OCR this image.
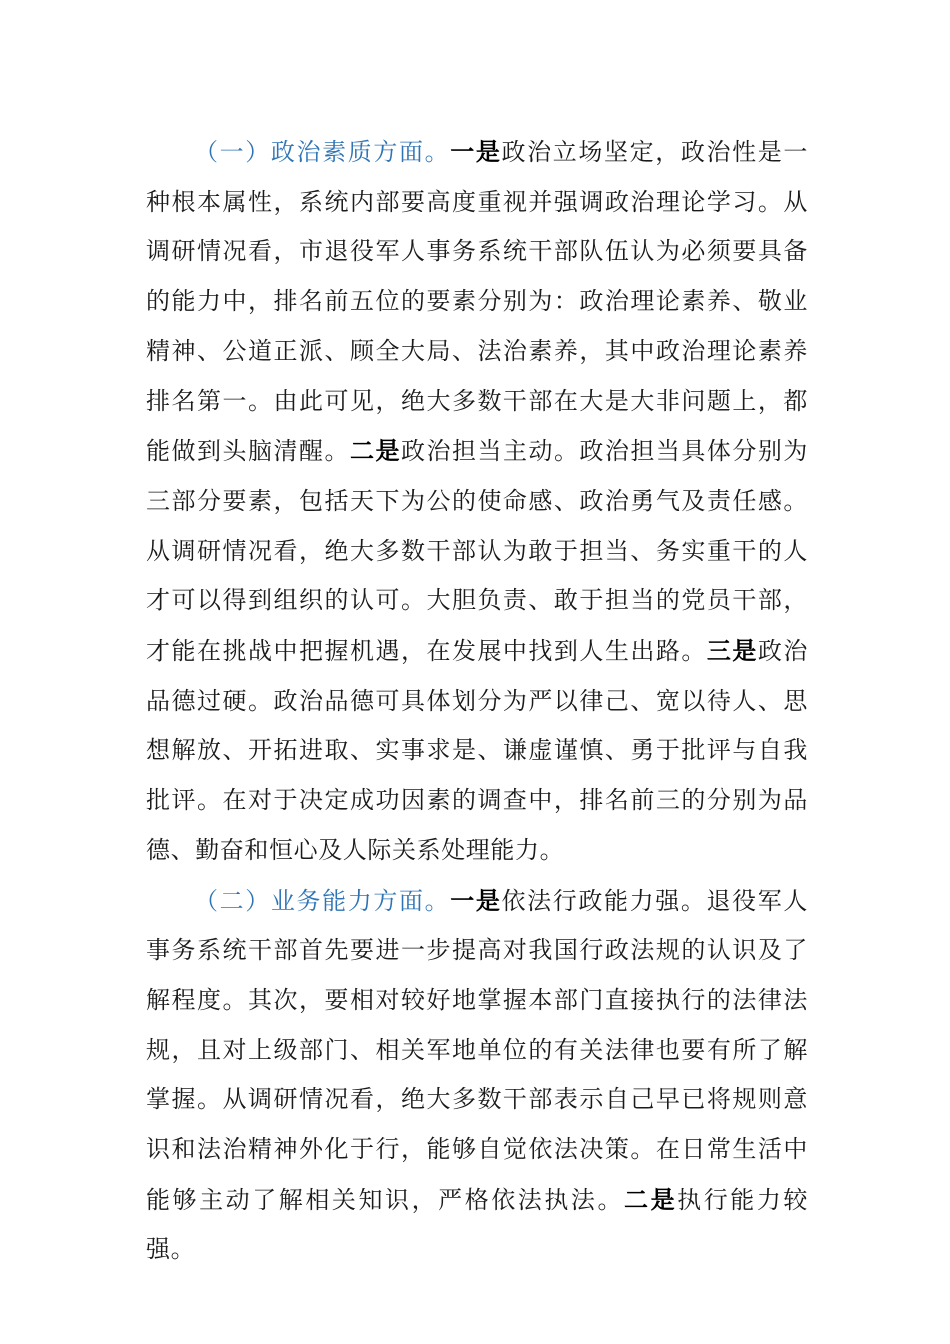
（一）政治素质方面。一是政治立场坚定，政治性是一种根本属性，系统内部要高度重视并强调政治理论学习。从调研情况看，市退役军人事务系统干部队伍认为必须要具备的能力中，排名前五位的要素分别为：政治理论素养、敬业精神、公道正派、顾全大局、法治素养，其中政治理论素养排名第一。由此可见，绝大多数干部在大是大非问题上，都能做到头脑清醒。二是政治担当主动。政治担当具体分别为三部分要素，包括天下为公的使命感、政治勇气及责任感。从调研情况看，绝大多数干部认为敢于担当、务实重干的人才可以得到组织的认可。大胆负责、敢于担当的党员干部，才能在挑战中把握机遇，在发展中找到人生出路。三是政治品德过硬。政治品德可具体划分为严以律己、宽以待人、思想解放、开拓进取、实事求是、谦虚谨慎、勇于批评与自我批评。在对于决定成功因素的调查中，排名前三的分别为品德、勤奋和恒心及人际关系处理能力。

（二）业务能力方面。一是依法行政能力强。退役军人事务系统干部首先要进一步提高对我国行政法规的认识及了解程度。其次，要相对较好地掌握本部门直接执行的法律法规，且对上级部门、相关军地单位的有关法律也要有所了解掌握。从调研情况看，绝大多数干部表示自己早已将规则意识和法治精神外化于行，能够自觉依法决策。在日常生活中能够主动了解相关知识，严格依法执法。二是执行能力较强。
